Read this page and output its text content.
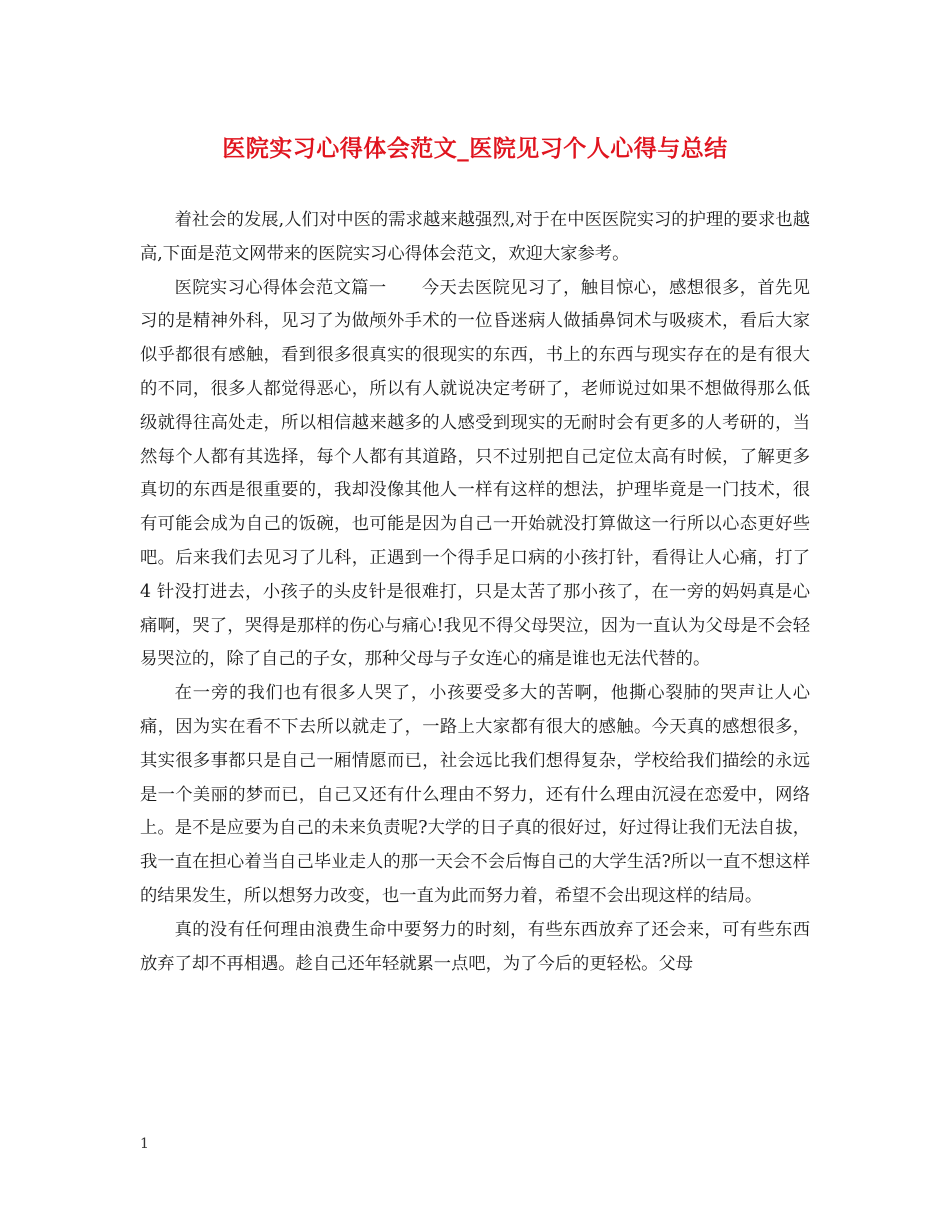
医院实习心得体会范文_医院见习个人心得与总结

着社会的发展,人们对中医的需求越来越强烈,对于在中医医院实习的护理的要求也越高,下面是范文网带来的医院实习心得体会范文，欢迎大家参考。

医院实习心得体会范文篇一　　今天去医院见习了，触目惊心，感想很多，首先见习的是精神外科，见习了为做颅外手术的一位昏迷病人做插鼻饲术与吸痰术，看后大家似乎都很有感触，看到很多很真实的很现实的东西，书上的东西与现实存在的是有很大的不同，很多人都觉得恶心，所以有人就说决定考研了，老师说过如果不想做得那么低级就得往高处走，所以相信越来越多的人感受到现实的无耐时会有更多的人考研的，当然每个人都有其选择，每个人都有其道路，只不过别把自己定位太高有时候，了解更多真切的东西是很重要的，我却没像其他人一样有这样的想法，护理毕竟是一门技术，很有可能会成为自己的饭碗，也可能是因为自己一开始就没打算做这一行所以心态更好些吧。后来我们去见习了儿科，正遇到一个得手足口病的小孩打针，看得让人心痛，打了 4 针没打进去，小孩子的头皮针是很难打，只是太苦了那小孩了，在一旁的妈妈真是心痛啊，哭了，哭得是那样的伤心与痛心!我见不得父母哭泣，因为一直认为父母是不会轻易哭泣的，除了自己的子女，那种父母与子女连心的痛是谁也无法代替的。

在一旁的我们也有很多人哭了，小孩要受多大的苦啊，他撕心裂肺的哭声让人心痛，因为实在看不下去所以就走了，一路上大家都有很大的感触。今天真的感想很多，其实很多事都只是自己一厢情愿而已，社会远比我们想得复杂，学校给我们描绘的永远是一个美丽的梦而已，自己又还有什么理由不努力，还有什么理由沉浸在恋爱中，网络上。是不是应要为自己的未来负责呢?大学的日子真的很好过，好过得让我们无法自拔，我一直在担心着当自己毕业走人的那一天会不会后悔自己的大学生活?所以一直不想这样的结果发生，所以想努力改变，也一直为此而努力着，希望不会出现这样的结局。

真的没有任何理由浪费生命中要努力的时刻，有些东西放弃了还会来，可有些东西放弃了却不再相遇。趁自己还年轻就累一点吧，为了今后的更轻松。父母

1
